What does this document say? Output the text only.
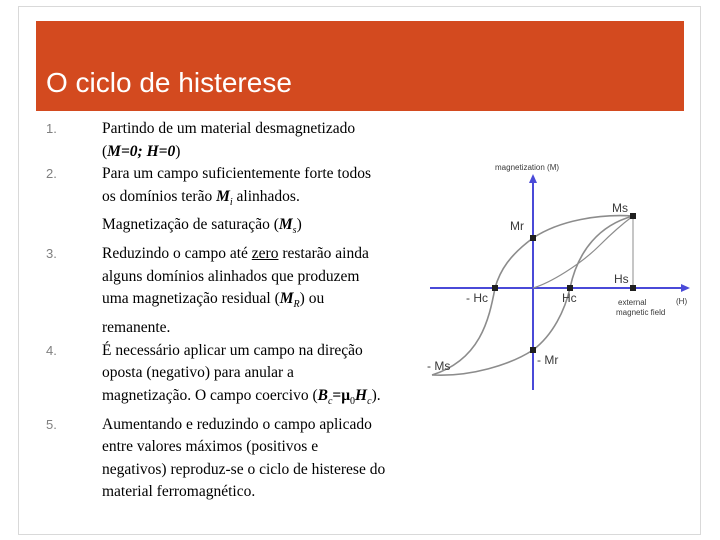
O ciclo de histerese
1.	Partindo de um material desmagnetizado (M=0; H=0)
2.	Para um campo suficientemente forte todos os domínios terão $M_i$ alinhados. Magnetização de saturação $(M_s)$
3.	Reduzindo o campo até zero restarão ainda alguns domínios alinhados que produzem uma magnetização residual $(M_R)$ ou remanente.
4.	É necessário aplicar um campo na direção oposta (negativo) para anular a magnetização. O campo coercivo $(B_c=\mu_0H_c)$.
5.	Aumentando e reduzindo o campo aplicado entre valores máximos (positivos e negativos) reproduz-se o ciclo de histerese do material ferromagnético.
magnetization (M)
Ms
Mr
Hs
Hc
- Hc
- Ms	- Mr
external
magnetic field
(H)
